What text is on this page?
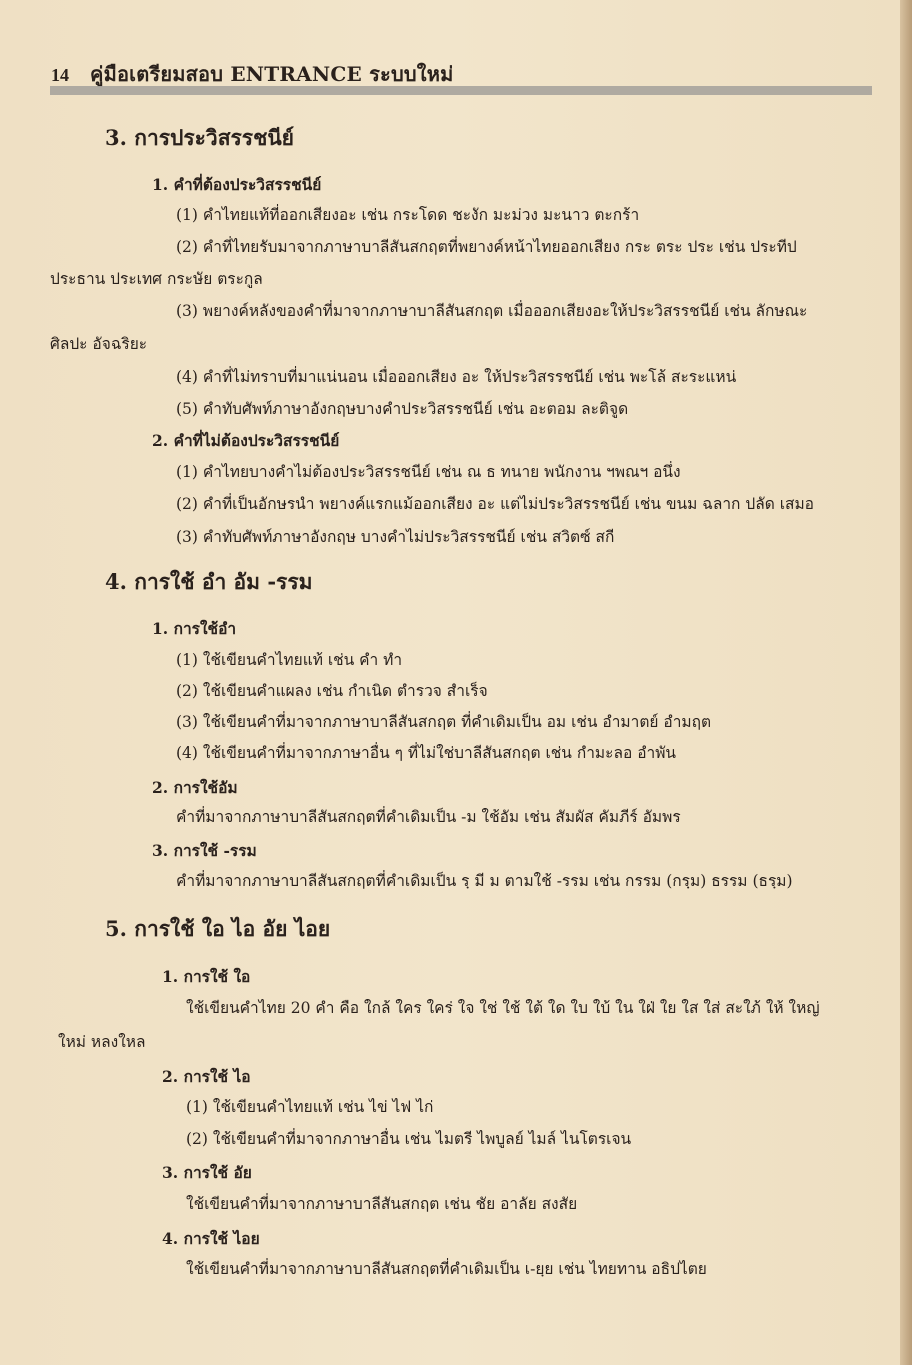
14	คู่มือเตรียมสอบ ENTRANCE ระบบใหม่
3. การประวิสรรชนีย์
1. คำที่ต้องประวิสรรชนีย์
(1) คำไทยแท้ที่ออกเสียงอะ เช่น กระโดด ชะงัก มะม่วง มะนาว ตะกร้า
(2) คำที่ไทยรับมาจากภาษาบาลีสันสกฤตที่พยางค์หน้าไทยออกเสียง กระ ตระ ประ เช่น ประทีป
ประธาน ประเทศ กระษัย ตระกูล
(3) พยางค์หลังของคำที่มาจากภาษาบาลีสันสกฤต เมื่อออกเสียงอะให้ประวิสรรชนีย์ เช่น ลักษณะ
ศิลปะ อัจฉริยะ
(4) คำที่ไม่ทราบที่มาแน่นอน เมื่อออกเสียง อะ ให้ประวิสรรชนีย์ เช่น พะโล้ สะระแหน่
(5) คำทับศัพท์ภาษาอังกฤษบางคำประวิสรรชนีย์ เช่น อะตอม ละติจูด
2. คำที่ไม่ต้องประวิสรรชนีย์
(1) คำไทยบางคำไม่ต้องประวิสรรชนีย์ เช่น ณ ธ ทนาย พนักงาน ฯพณฯ อนึ่ง
(2) คำที่เป็นอักษรนำ พยางค์แรกแม้ออกเสียง อะ แต่ไม่ประวิสรรชนีย์ เช่น ขนม ฉลาก ปลัด เสมอ
(3) คำทับศัพท์ภาษาอังกฤษ บางคำไม่ประวิสรรชนีย์ เช่น สวิตซ์ สกี
4. การใช้ อำ อัม -รรม
1. การใช้อำ
(1) ใช้เขียนคำไทยแท้ เช่น คำ ทำ
(2) ใช้เขียนคำแผลง เช่น กำเนิด ตำรวจ สำเร็จ
(3) ใช้เขียนคำที่มาจากภาษาบาลีสันสกฤต ที่คำเดิมเป็น อม เช่น อำมาตย์ อำมฤต
(4) ใช้เขียนคำที่มาจากภาษาอื่น ๆ ที่ไม่ใช่บาลีสันสกฤต เช่น กำมะลอ อำพัน
2. การใช้อัม
คำที่มาจากภาษาบาลีสันสกฤตที่คำเดิมเป็น -ม ใช้อัม เช่น สัมผัส คัมภีร์ อัมพร
3. การใช้ -รรม
คำที่มาจากภาษาบาลีสันสกฤตที่คำเดิมเป็น รฺ มี ม ตามใช้ -รรม เช่น กรรม (กรฺม) ธรรม (ธรฺม)
5. การใช้ ใอ ไอ อัย ไอย
1. การใช้ ใอ
ใช้เขียนคำไทย 20 คำ คือ ใกล้ ใคร ใคร่ ใจ ใช่ ใช้ ใต้ ใด ใบ ใบ้ ใน ใฝ่ ใย ใส ใส่ สะใภ้ ให้ ใหญ่
ใหม่ หลงใหล
2. การใช้ ไอ
(1) ใช้เขียนคำไทยแท้ เช่น ไข่ ไฟ ไก่
(2) ใช้เขียนคำที่มาจากภาษาอื่น เช่น ไมตรี ไพบูลย์ ไมล์ ไนโตรเจน
3. การใช้ อัย
ใช้เขียนคำที่มาจากภาษาบาลีสันสกฤต เช่น ชัย อาลัย สงสัย
4. การใช้ ไอย
ใช้เขียนคำที่มาจากภาษาบาลีสันสกฤตที่คำเดิมเป็น เ-ยฺย เช่น ไทยทาน อธิปไตย
